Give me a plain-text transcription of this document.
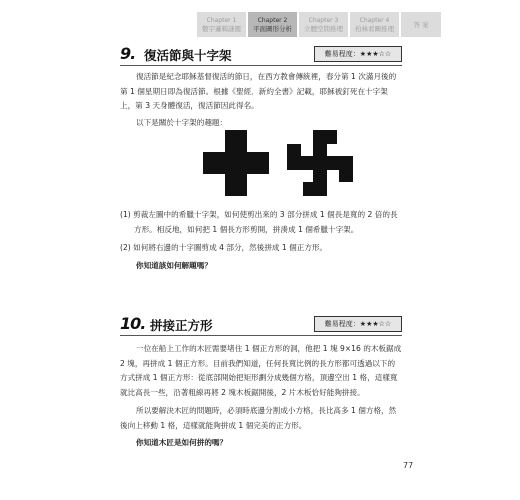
Chapter 1
數字邏輯謎題
Chapter 2
平面圖形分析
Chapter 3
立體空間推理
Chapter 4
柏林看圖推理	答 案
9. 復活節與十字架	難易程度：★★★☆☆

復活節是紀念耶穌基督復活的節日，在西方教會傳統裡，春分第 1 次滿月後的第 1 個星期日即為復活節。根據《聖經．新約全書》記載，耶穌被釘死在十字架上，第 3 天身體復活，復活節因此得名。

以下是關於十字架的趣題：

(1) 剪裁左圖中的希臘十字架，如何使剪出來的 3 部分拼成 1 個長是寬的 2 倍的長方形。相反地，如何把 1 個長方形剪開，拼湊成 1 個希臘十字架。

(2) 如何將右邊的十字圖剪成 4 部分，然後拼成 1 個正方形。

你知道該如何解題嗎？

10. 拼接正方形	難易程度：★★★☆☆

一位在船上工作的木匠需要堵住 1 個正方形的洞，他把 1 塊 9×16 的木板鋸成 2 塊，再拼成 1 個正方形。目前我們知道，任何長寬比例的長方形都可透過以下的方式拼成 1 個正方形：從底部開始把矩形劃分成幾個方格，頂邊空出 1 格，這樣寬就比高長一些，沿著粗線再將 2 塊木板鋸開後，2 片木板恰好能夠拼接。

所以要解決木匠的問題時，必須時底邊分割成小方格，長比高多 1 個方格，然後向上移動 1 格，這樣就能夠拼成 1 個完美的正方形。

你知道木匠是如何拼的嗎？

77
